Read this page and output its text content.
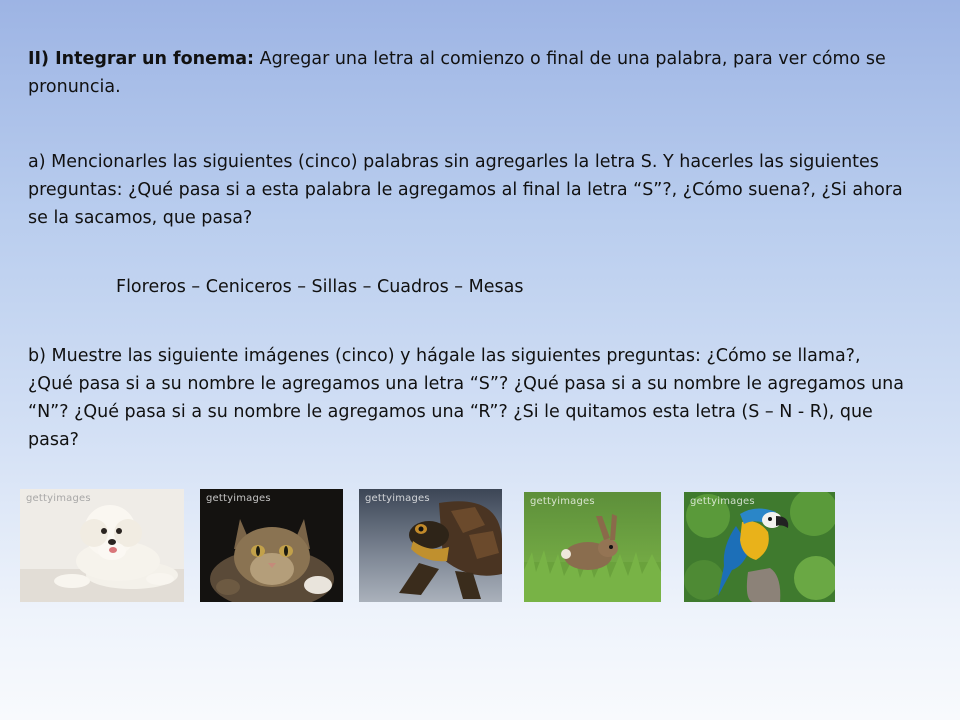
II) Integrar un fonema: Agregar una letra al comienzo o final de una palabra, para ver cómo se pronuncia.

a) Mencionarles las siguientes (cinco) palabras sin agregarles la letra S. Y hacerles las siguientes preguntas: ¿Qué pasa si a esta palabra le agregamos al final la letra “S”?, ¿Cómo suena?, ¿Si ahora se la sacamos, que pasa?

Floreros – Ceniceros – Sillas – Cuadros – Mesas

b) Muestre las siguiente imágenes (cinco) y hágale las siguientes preguntas: ¿Cómo se llama?, ¿Qué pasa si a su nombre le agregamos una letra “S”? ¿Qué pasa si a su nombre le agregamos una “N”? ¿Qué pasa si a su nombre le agregamos una “R”? ¿Si le quitamos esta letra (S – N - R), que pasa?

gettyimages	gettyimages	gettyimages	gettyimages	gettyimages
